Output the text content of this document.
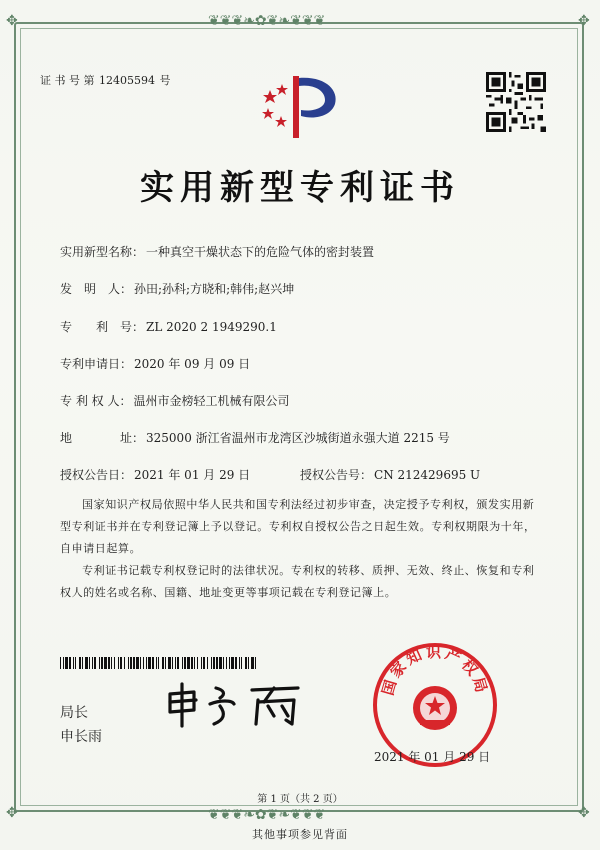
❦❦❦❧✿❦❧❦❦❦
❦❦❦❧✿❦❧❦❦❦
✥	✥
✥	✥
证 书 号 第 12405594 号
实用新型专利证书
实用新型名称： 一种真空干燥状态下的危险气体的密封装置
发　明　人： 孙田;孙科;方晓和;韩伟;赵兴坤
专　　利　号： ZL 2020 2 1949290.1
专利申请日： 2020 年 09 月 09 日
专 利 权 人： 温州市金榜轻工机械有限公司
地　　　　址： 325000 浙江省温州市龙湾区沙城街道永强大道 2215 号
授权公告日： 2021 年 01 月 29 日	授权公告号： CN 212429695 U
国家知识产权局依照中华人民共和国专利法经过初步审查，决定授予专利权，颁发实用新型专利证书并在专利登记簿上予以登记。专利权自授权公告之日起生效。专利权期限为十年，自申请日起算。
专利证书记载专利权登记时的法律状况。专利权的转移、质押、无效、终止、恢复和专利权人的姓名或名称、国籍、地址变更等事项记载在专利登记簿上。
局长
申长雨
国家知识产权局
2021 年 01 月 29 日
第 1 页（共 2 页）
其他事项参见背面
